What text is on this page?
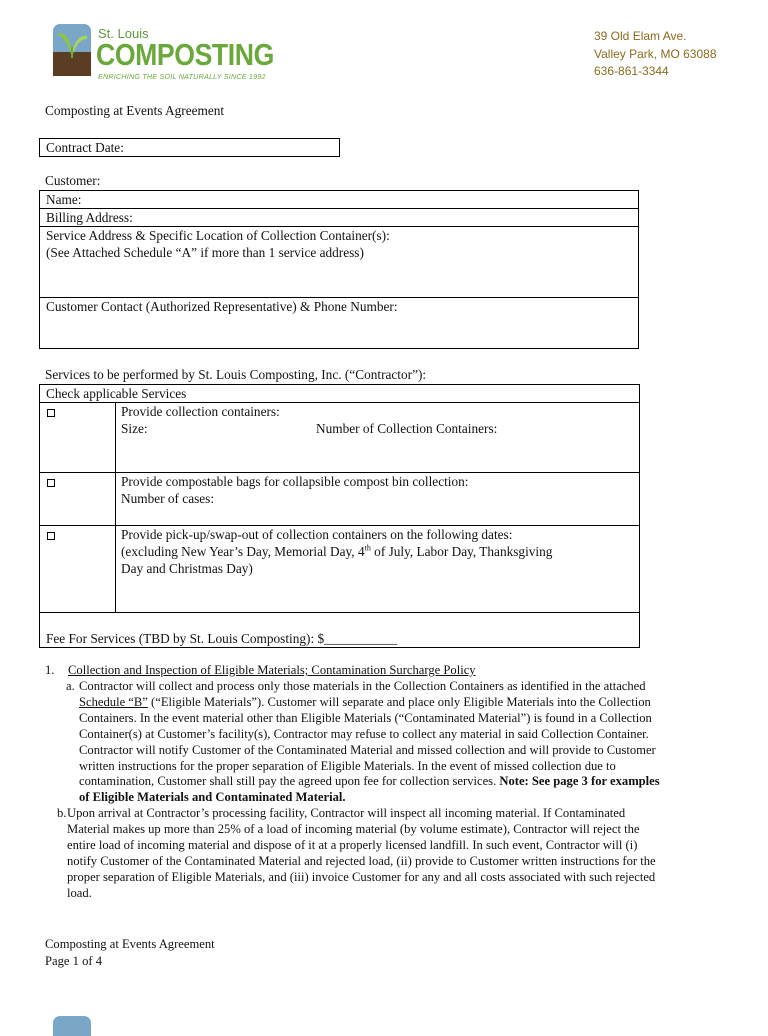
St. Louis
COMPOSTING
ENRICHING THE SOIL NATURALLY SINCE 1992
39 Old Elam Ave.
Valley Park, MO 63088
636-861-3344
Composting at Events Agreement
Contract Date:
Customer:
Name:
Billing Address:
Service Address & Specific Location of Collection Container(s):
(See Attached Schedule “A” if more than 1 service address)
Customer Contact (Authorized Representative) & Phone Number:
Services to be performed by St. Louis Composting, Inc. (“Contractor”):
Check applicable Services
Provide collection containers:
Size:	Number of Collection Containers:
Provide compostable bags for collapsible compost bin collection:
Number of cases:
Provide pick-up/swap-out of collection containers on the following dates:
(excluding New Year’s Day, Memorial Day, 4th of July, Labor Day, Thanksgiving
Day and Christmas Day)
Fee For Services (TBD by St. Louis Composting): $___________
1. Collection and Inspection of Eligible Materials; Contamination Surcharge Policy
a. Contractor will collect and process only those materials in the Collection Containers as identified in the attached
Schedule “B” (“Eligible Materials”). Customer will separate and place only Eligible Materials into the Collection
Containers. In the event material other than Eligible Materials (“Contaminated Material”) is found in a Collection
Container(s) at Customer’s facility(s), Contractor may refuse to collect any material in said Collection Container.
Contractor will notify Customer of the Contaminated Material and missed collection and will provide to Customer
written instructions for the proper separation of Eligible Materials. In the event of missed collection due to
contamination, Customer shall still pay the agreed upon fee for collection services. Note: See page 3 for examples
of Eligible Materials and Contaminated Material.
b. Upon arrival at Contractor’s processing facility, Contractor will inspect all incoming material. If Contaminated
Material makes up more than 25% of a load of incoming material (by volume estimate), Contractor will reject the
entire load of incoming material and dispose of it at a properly licensed landfill. In such event, Contractor will (i)
notify Customer of the Contaminated Material and rejected load, (ii) provide to Customer written instructions for the
proper separation of Eligible Materials, and (iii) invoice Customer for any and all costs associated with such rejected
load.
Composting at Events Agreement
Page 1 of 4
